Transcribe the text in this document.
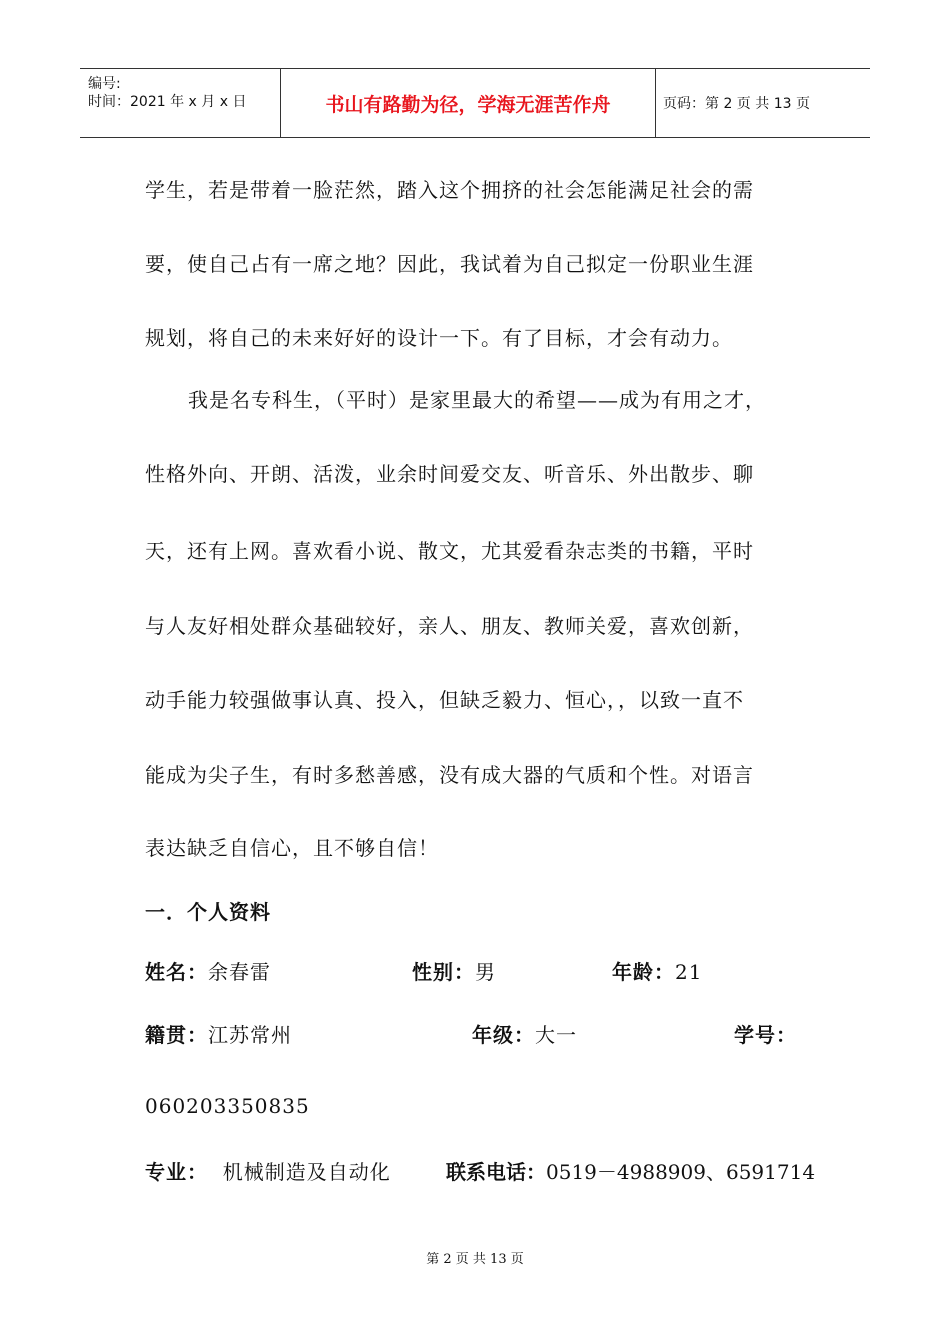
编号:
时间：2021 年 x 月 x 日	书山有路勤为径，学海无涯苦作舟	页码：第 2 页 共 13 页
学生，若是带着一脸茫然，踏入这个拥挤的社会怎能满足社会的需
要，使自己占有一席之地？因此，我试着为自己拟定一份职业生涯
规划，将自己的未来好好的设计一下。有了目标，才会有动力。
我是名专科生，（平时）是家里最大的希望——成为有用之才，
性格外向、开朗、活泼，业余时间爱交友、听音乐、外出散步、聊
天，还有上网。喜欢看小说、散文，尤其爱看杂志类的书籍，平时
与人友好相处群众基础较好，亲人、朋友、教师关爱，喜欢创新，
动手能力较强做事认真、投入，但缺乏毅力、恒心，，以致一直不
能成为尖子生，有时多愁善感，没有成大器的气质和个性。对语言
表达缺乏自信心，且不够自信！
一．个人资料
姓名：余春雷	性别：男	年龄：21
籍贯：江苏常州	年级：大一	学号：
060203350835
专业： 机械制造及自动化	联系电话：0519－4988909、6591714
第 2 页 共 13 页
